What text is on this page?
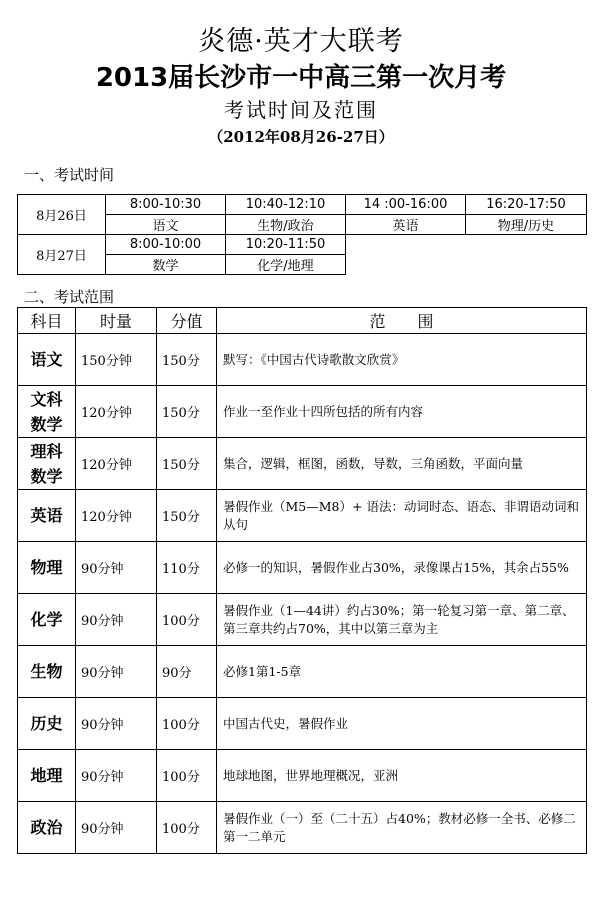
炎德·英才大联考
2013届长沙市一中高三第一次月考
考试时间及范围
（2012年08月26-27日）
一、考试时间
8月26日	8:00-10:30	10:40-12:10	14 :00-16:00	16:20-17:50
	语文	生物/政治	英语	物理/历史
8月27日	8:00-10:00	10:20-11:50		
	数学	化学/地理		
二、考试范围
科目	时量	分值	范　　围
语文	150分钟	150分	默写：《中国古代诗歌散文欣赏》
文科数学	120分钟	150分	作业一至作业十四所包括的所有内容
理科数学	120分钟	150分	集合，逻辑，框图，函数，导数，三角函数，平面向量
英语	120分钟	150分	暑假作业（M5—M8）+ 语法：动词时态、语态、非谓语动词和从句
物理	90分钟	110分	必修一的知识，暑假作业占30%，录像课占15%，其余占55%
化学	90分钟	100分	暑假作业（1—44讲）约占30%；第一轮复习第一章、第二章、第三章共约占70%，其中以第三章为主
生物	90分钟	90分	必修1第1-5章
历史	90分钟	100分	中国古代史，暑假作业
地理	90分钟	100分	地球地图，世界地理概况，亚洲
政治	90分钟	100分	暑假作业（一）至（二十五）占40%；教材必修一全书、必修二第一二单元
